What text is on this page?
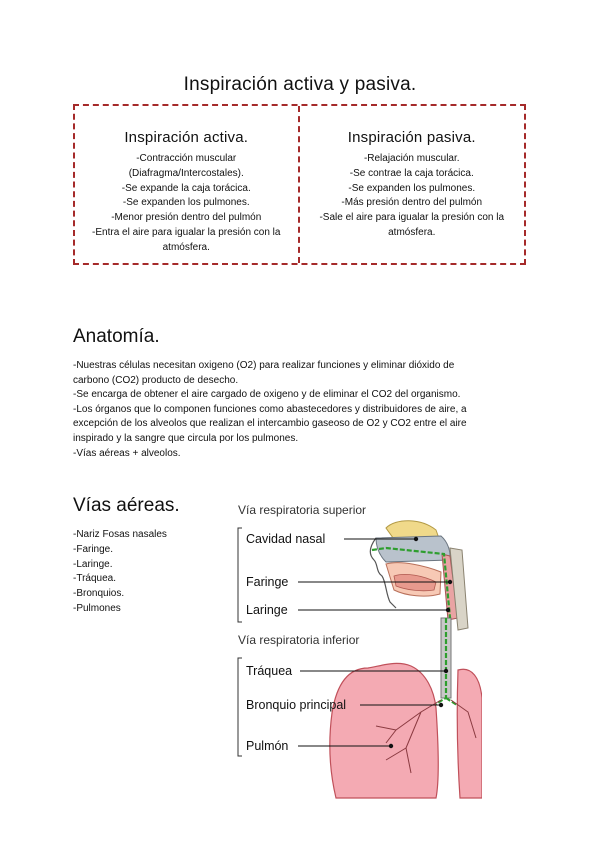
Inspiración activa y pasiva.
Inspiración activa.
-Contracción muscular
(Diafragma/Intercostales).
-Se expande la caja torácica.
-Se expanden los pulmones.
-Menor presión dentro del pulmón
-Entra el aire para igualar la presión con la
atmósfera.
Inspiración pasiva.
-Relajación muscular.
-Se contrae la caja torácica.
-Se expanden los pulmones.
-Más presión dentro del pulmón
-Sale el aire para igualar la presión con la
atmósfera.
Anatomía.
-Nuestras células necesitan oxigeno (O2) para realizar funciones y eliminar dióxido de
carbono (CO2) producto de desecho.
-Se encarga de obtener el aire cargado de oxigeno y de eliminar el CO2 del organismo.
-Los órganos que lo componen funciones como abastecedores y distribuidores de aire, a
excepción de los alveolos que realizan el intercambio gaseoso de O2 y CO2 entre el aire
inspirado y la sangre que circula por los pulmones.
-Vías aéreas + alveolos.
Vías aéreas.
-Nariz Fosas nasales
-Faringe.
-Laringe.
-Tráquea.
-Bronquios.
-Pulmones
Vía respiratoria superior
Vía respiratoria inferior
Cavidad nasal
Faringe
Laringe
Tráquea
Bronquio principal
Pulmón
